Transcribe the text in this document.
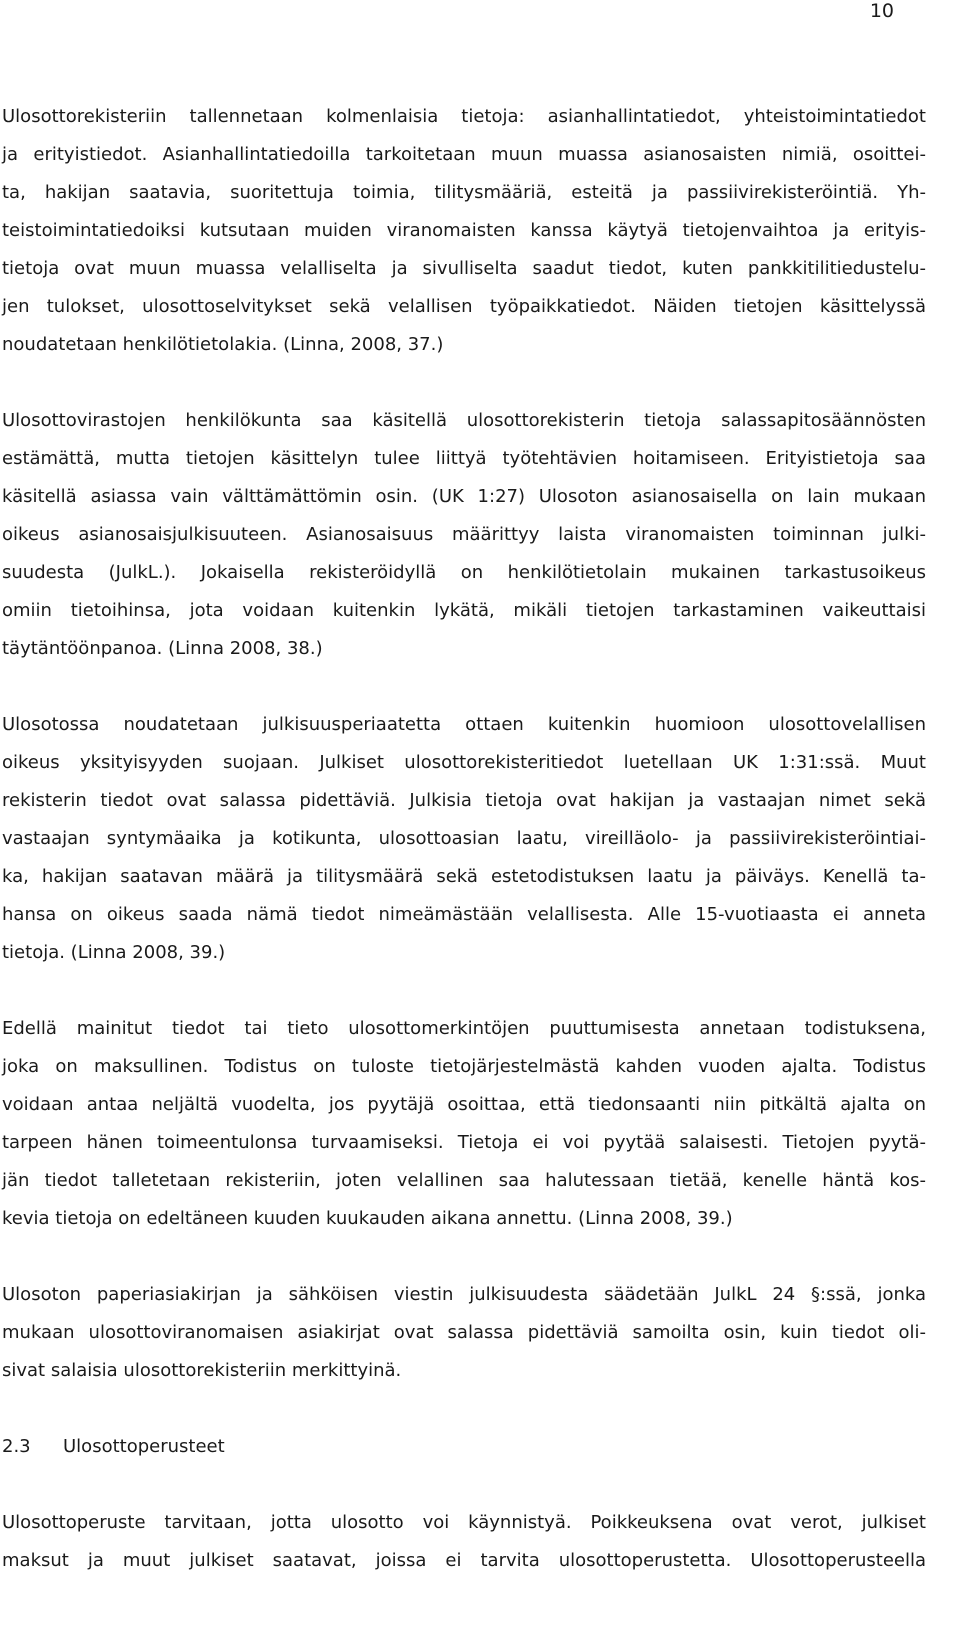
10
Ulosottorekisteriin tallennetaan kolmenlaisia tietoja: asianhallintatiedot, yhteistoimintatiedot
ja erityistiedot. Asianhallintatiedoilla tarkoitetaan muun muassa asianosaisten nimiä, osoittei-
ta, hakijan saatavia, suoritettuja toimia, tilitysmääriä, esteitä ja passiivirekisteröintiä. Yh-
teistoimintatiedoiksi kutsutaan muiden viranomaisten kanssa käytyä tietojenvaihtoa ja erityis-
tietoja ovat muun muassa velalliselta ja sivulliselta saadut tiedot, kuten pankkitilitiedustelu-
jen tulokset, ulosottoselvitykset sekä velallisen työpaikkatiedot. Näiden tietojen käsittelyssä
noudatetaan henkilötietolakia. (Linna, 2008, 37.)
Ulosottovirastojen henkilökunta saa käsitellä ulosottorekisterin tietoja salassapitosäännösten
estämättä, mutta tietojen käsittelyn tulee liittyä työtehtävien hoitamiseen. Erityistietoja saa
käsitellä asiassa vain välttämättömin osin. (UK 1:27) Ulosoton asianosaisella on lain mukaan
oikeus asianosaisjulkisuuteen. Asianosaisuus määrittyy laista viranomaisten toiminnan julki-
suudesta (JulkL.). Jokaisella rekisteröidyllä on henkilötietolain mukainen tarkastusoikeus
omiin tietoihinsa, jota voidaan kuitenkin lykätä, mikäli tietojen tarkastaminen vaikeuttaisi
täytäntöönpanoa. (Linna 2008, 38.)
Ulosotossa noudatetaan julkisuusperiaatetta ottaen kuitenkin huomioon ulosottovelallisen
oikeus yksityisyyden suojaan. Julkiset ulosottorekisteritiedot luetellaan UK 1:31:ssä. Muut
rekisterin tiedot ovat salassa pidettäviä. Julkisia tietoja ovat hakijan ja vastaajan nimet sekä
vastaajan syntymäaika ja kotikunta, ulosottoasian laatu, vireilläolo- ja passiivirekisteröintiai-
ka, hakijan saatavan määrä ja tilitysmäärä sekä estetodistuksen laatu ja päiväys. Kenellä ta-
hansa on oikeus saada nämä tiedot nimeämästään velallisesta. Alle 15-vuotiaasta ei anneta
tietoja. (Linna 2008, 39.)
Edellä mainitut tiedot tai tieto ulosottomerkintöjen puuttumisesta annetaan todistuksena,
joka on maksullinen. Todistus on tuloste tietojärjestelmästä kahden vuoden ajalta. Todistus
voidaan antaa neljältä vuodelta, jos pyytäjä osoittaa, että tiedonsaanti niin pitkältä ajalta on
tarpeen hänen toimeentulonsa turvaamiseksi. Tietoja ei voi pyytää salaisesti. Tietojen pyytä-
jän tiedot talletetaan rekisteriin, joten velallinen saa halutessaan tietää, kenelle häntä kos-
kevia tietoja on edeltäneen kuuden kuukauden aikana annettu. (Linna 2008, 39.)
Ulosoton paperiasiakirjan ja sähköisen viestin julkisuudesta säädetään JulkL 24 §:ssä, jonka
mukaan ulosottoviranomaisen asiakirjat ovat salassa pidettäviä samoilta osin, kuin tiedot oli-
sivat salaisia ulosottorekisteriin merkittyinä.
2.3	Ulosottoperusteet
Ulosottoperuste tarvitaan, jotta ulosotto voi käynnistyä. Poikkeuksena ovat verot, julkiset
maksut ja muut julkiset saatavat, joissa ei tarvita ulosottoperustetta. Ulosottoperusteella
